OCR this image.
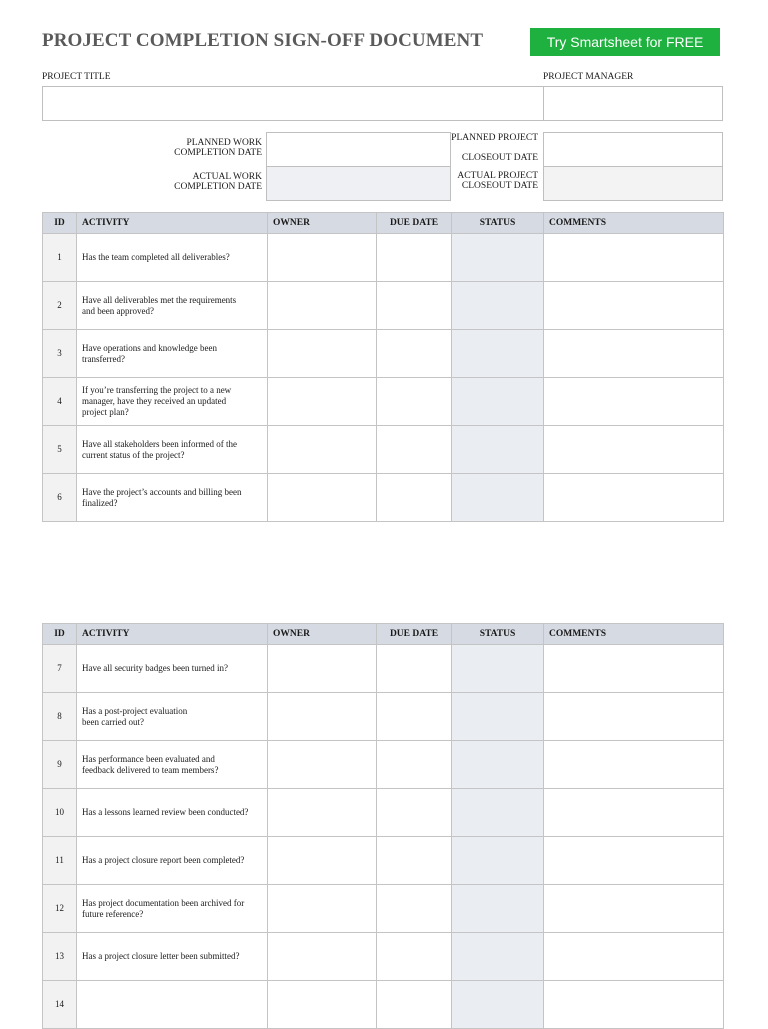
PROJECT COMPLETION SIGN-OFF DOCUMENT	Try Smartsheet for FREE
PROJECT TITLE	PROJECT MANAGER
PLANNED WORK
COMPLETION DATE
ACTUAL WORK
COMPLETION DATE
PLANNED PROJECT
CLOSEOUT DATE
ACTUAL PROJECT
CLOSEOUT DATE
ID	ACTIVITY	OWNER	DUE DATE	STATUS	COMMENTS
1	Has the team completed all deliverables?				
2	Have all deliverables met the requirements
and been approved?				
3	Have operations and knowledge been
transferred?				
4	If you’re transferring the project to a new
manager, have they received an updated
project plan?				
5	Have all stakeholders been informed of the
current status of the project?				
6	Have the project’s accounts and billing been
finalized?				
ID	ACTIVITY	OWNER	DUE DATE	STATUS	COMMENTS
7	Have all security badges been turned in?				
8	Has a post-project evaluation
been carried out?				
9	Has performance been evaluated and
feedback delivered to team members?				
10	Has a lessons learned review been conducted?				
11	Has a project closure report been completed?				
12	Has project documentation been archived for
future reference?				
13	Has a project closure letter been submitted?				
14					
